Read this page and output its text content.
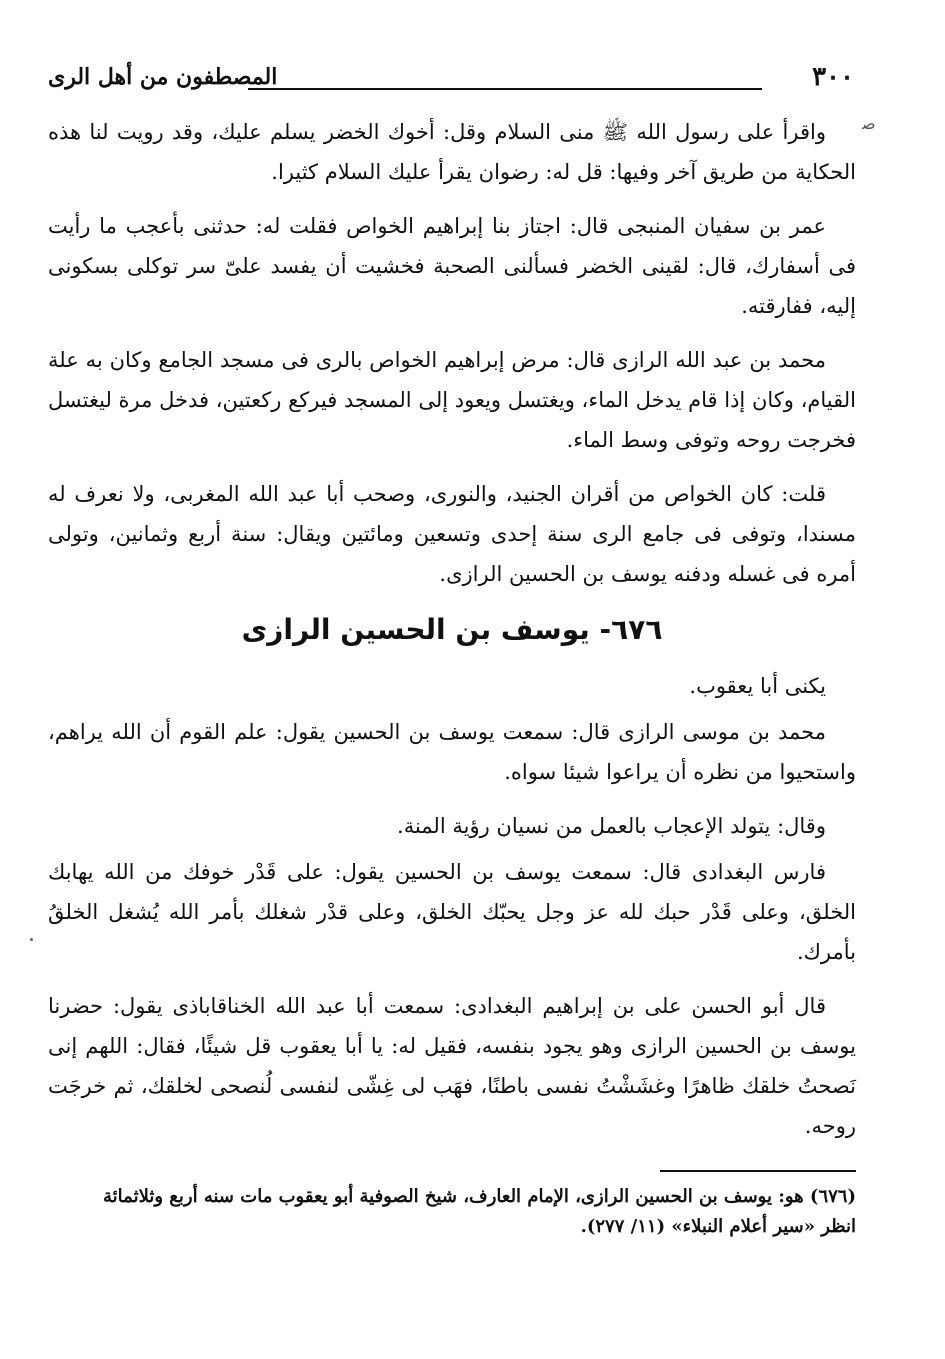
٣٠٠
المصطفون من أهل الرى
ﺻ

واقرأ على رسول الله ﷺ منى السلام وقل: أخوك الخضر يسلم عليك، وقد رويت لنا هذه الحكاية من طريق آخر وفيها: قل له: رضوان يقرأ عليك السلام كثيرا.

عمر بن سفيان المنبجى قال: اجتاز بنا إبراهيم الخواص فقلت له: حدثنى بأعجب ما رأيت فى أسفارك، قال: لقينى الخضر فسألنى الصحبة فخشيت أن يفسد علىّ سر توكلى بسكونى إليه، ففارقته.

محمد بن عبد الله الرازى قال: مرض إبراهيم الخواص بالرى فى مسجد الجامع وكان به علة القيام، وكان إذا قام يدخل الماء، ويغتسل ويعود إلى المسجد فيركع ركعتين، فدخل مرة ليغتسل فخرجت روحه وتوفى وسط الماء.

قلت: كان الخواص من أقران الجنيد، والنورى، وصحب أبا عبد الله المغربى، ولا نعرف له مسندا، وتوفى فى جامع الرى سنة إحدى وتسعين ومائتين ويقال: سنة أربع وثمانين، وتولى أمره فى غسله ودفنه يوسف بن الحسين الرازى.

٦٧٦- يوسف بن الحسين الرازى

يكنى أبا يعقوب.

محمد بن موسى الرازى قال: سمعت يوسف بن الحسين يقول: علم القوم أن الله يراهم، واستحيوا من نظره أن يراعوا شيئا سواه.

وقال: يتولد الإعجاب بالعمل من نسيان رؤية المنة.

فارس البغدادى قال: سمعت يوسف بن الحسين يقول: على قَدْر خوفك من الله يهابك الخلق، وعلى قَدْر حبك لله عز وجل يحبّك الخلق، وعلى قدْر شغلك بأمر الله يُشغل الخلقُ بأمرك.

قال أبو الحسن على بن إبراهيم البغدادى: سمعت أبا عبد الله الخناقاباذى يقول: حضرنا يوسف بن الحسين الرازى وهو يجود بنفسه، فقيل له: يا أبا يعقوب قل شيئًا، فقال: اللهم إنى نَصحتُ خلقك ظاهرًا وغشَشْتُ نفسى باطنًا، فهَب لى غِشّى لنفسى لُنصحى لخلقك، ثم خرجَت روحه.

(٦٧٦) هو: يوسف بن الحسين الرازى، الإمام العارف، شيخ الصوفية أبو يعقوب مات سنه أربع وثلاثمائة

انظر «سير أعلام النبلاء» (١١/ ٢٧٧).
